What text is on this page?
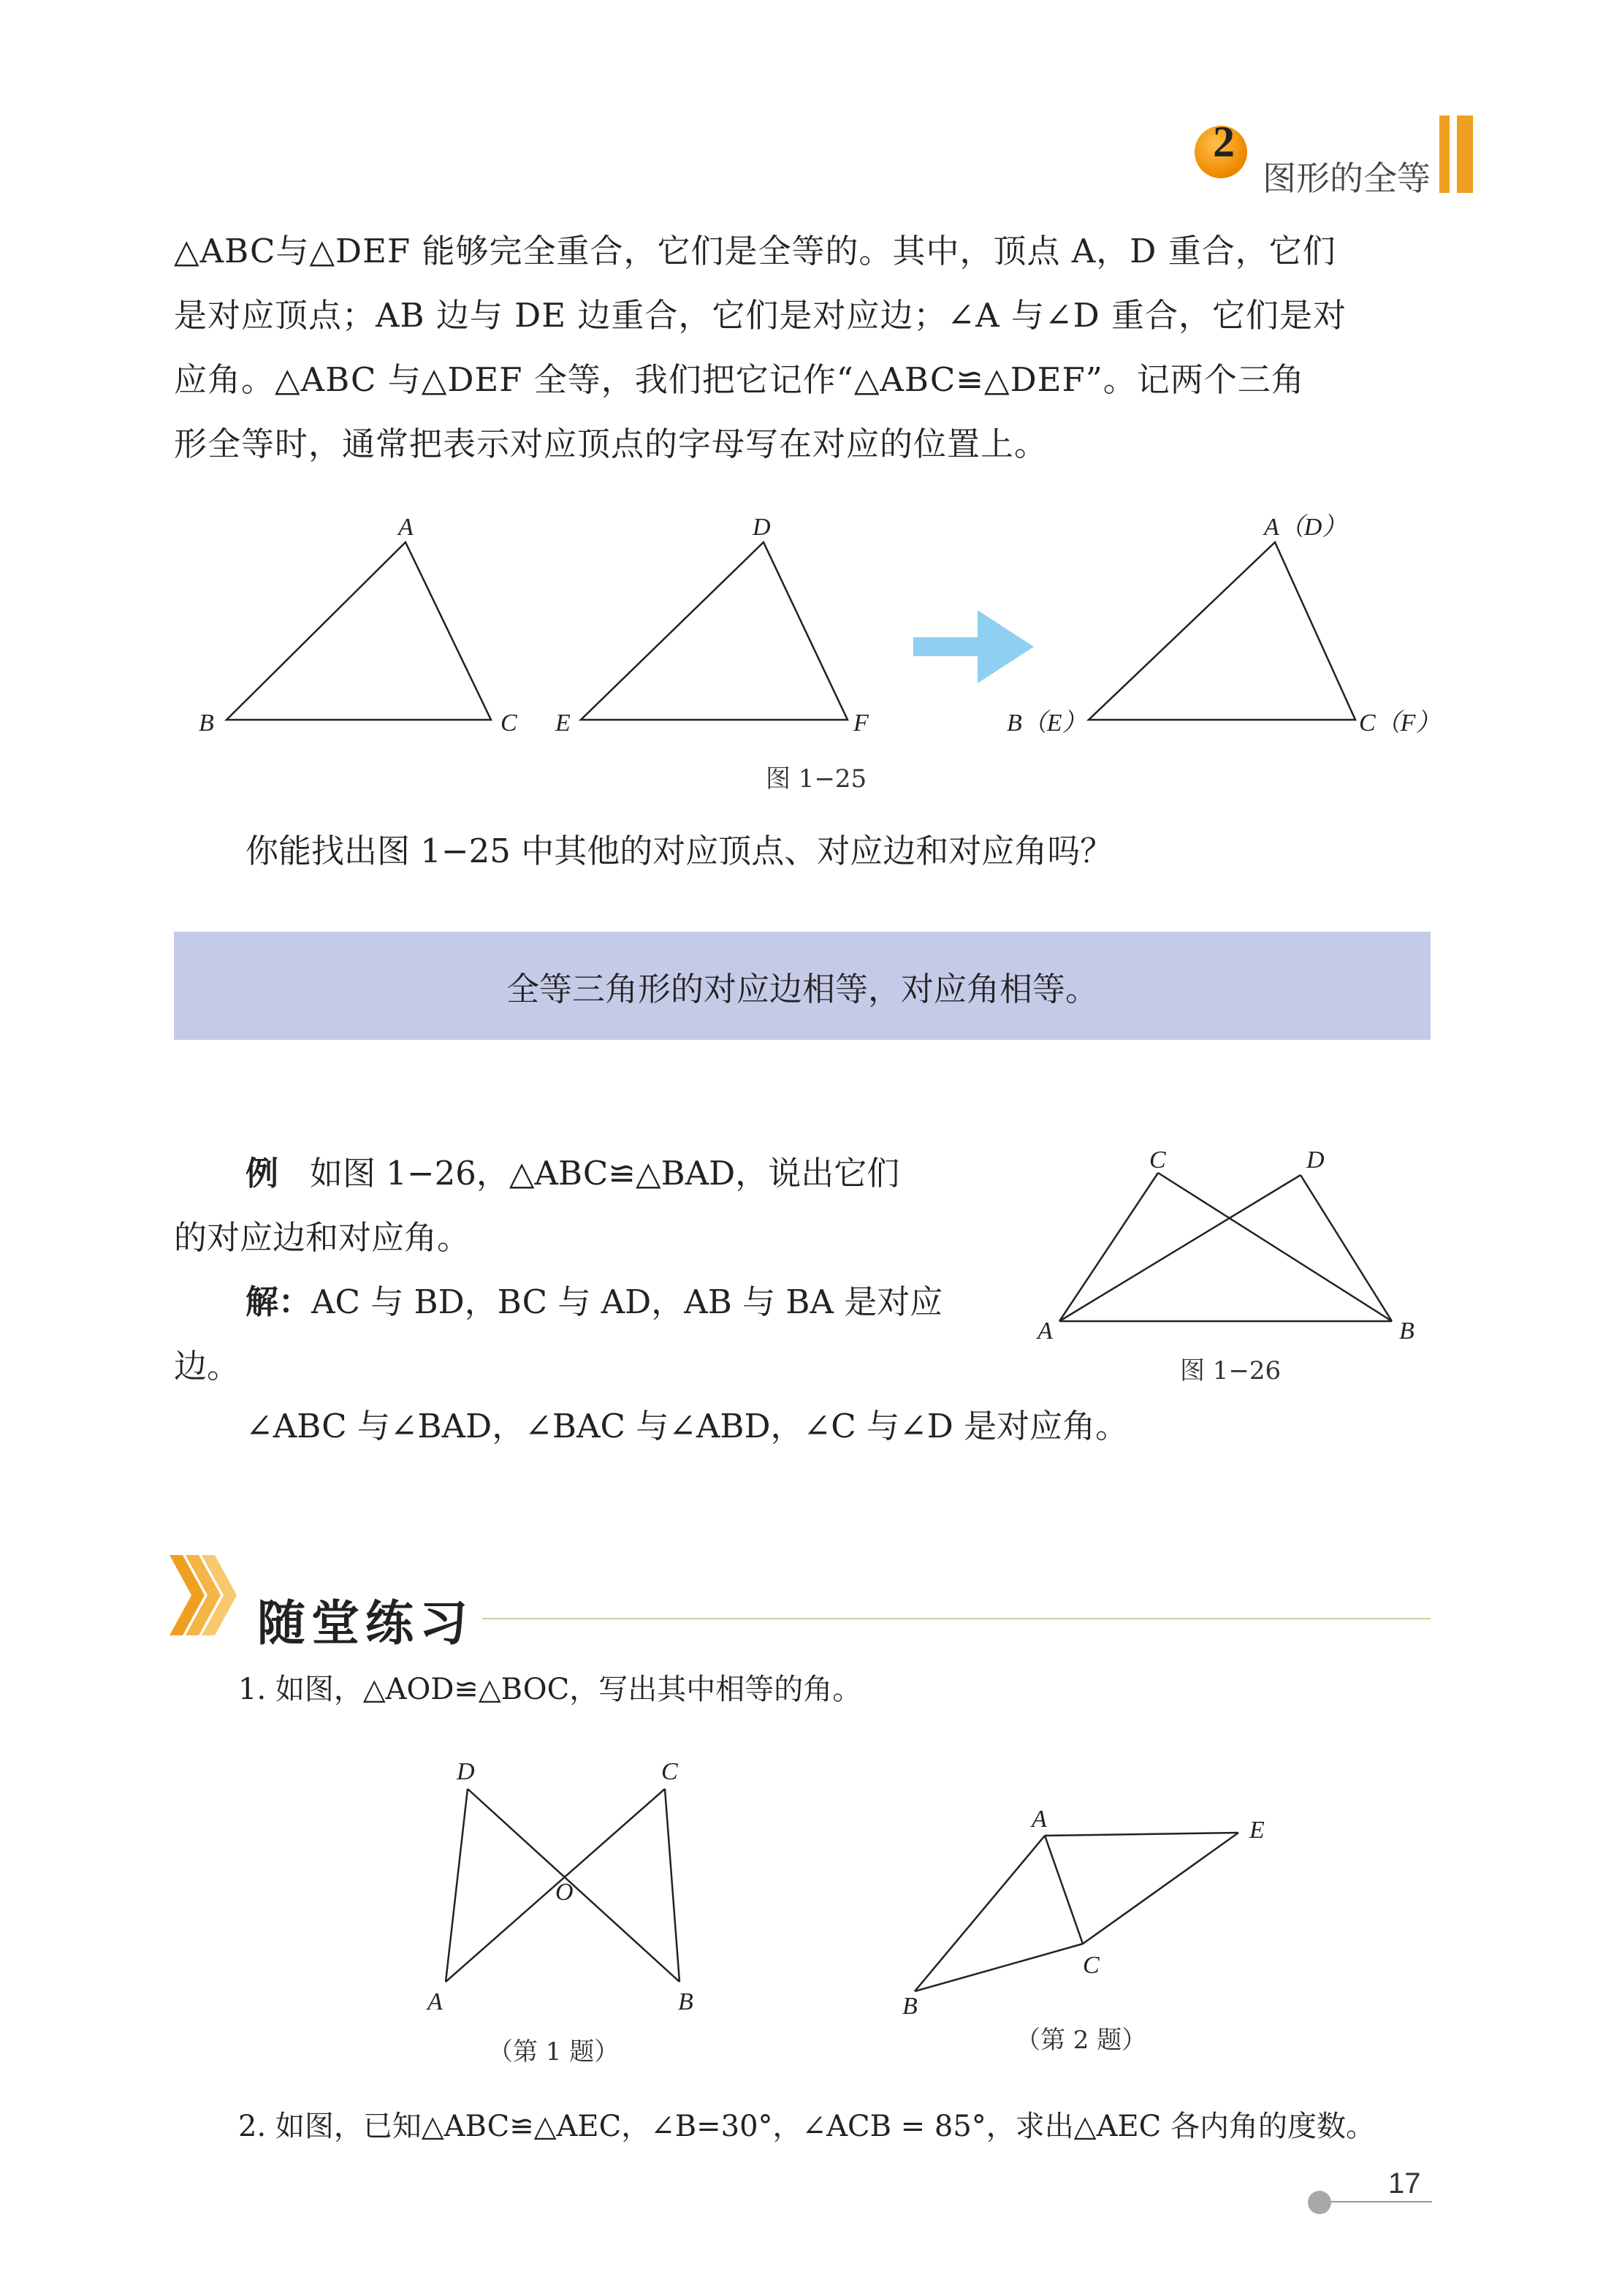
2
图形的全等

△ABC与△DEF 能够完全重合，它们是全等的。其中，顶点 A，D 重合，它们

是对应顶点；AB 边与 DE 边重合，它们是对应边；∠A 与∠D 重合，它们是对

应角。△ABC 与△DEF 全等，我们把它记作“△ABC≌△DEF”。记两个三角

形全等时，通常把表示对应顶点的字母写在对应的位置上。

A
B	C
D
E	F
A（D）
B（E）	C（F）
图 1−25
你能找出图 1−25 中其他的对应顶点、对应边和对应角吗？
全等三角形的对应边相等，对应角相等。

例 如图 1−26，△ABC≌△BAD，说出它们

的对应边和对应角。

解：AC 与 BD，BC 与 AD，AB 与 BA 是对应

边。

∠ABC 与∠BAD，∠BAC 与∠ABD，∠C 与∠D 是对应角。
C	D
A	B
图 1−26
随堂练习
1. 如图，△AOD≌△BOC，写出其中相等的角。
D	C
O
A	B
（第 1 题）
A	E
C
B
（第 2 题）
2. 如图，已知△ABC≌△AEC，∠B=30°，∠ACB = 85°，求出△AEC 各内角的度数。
17
